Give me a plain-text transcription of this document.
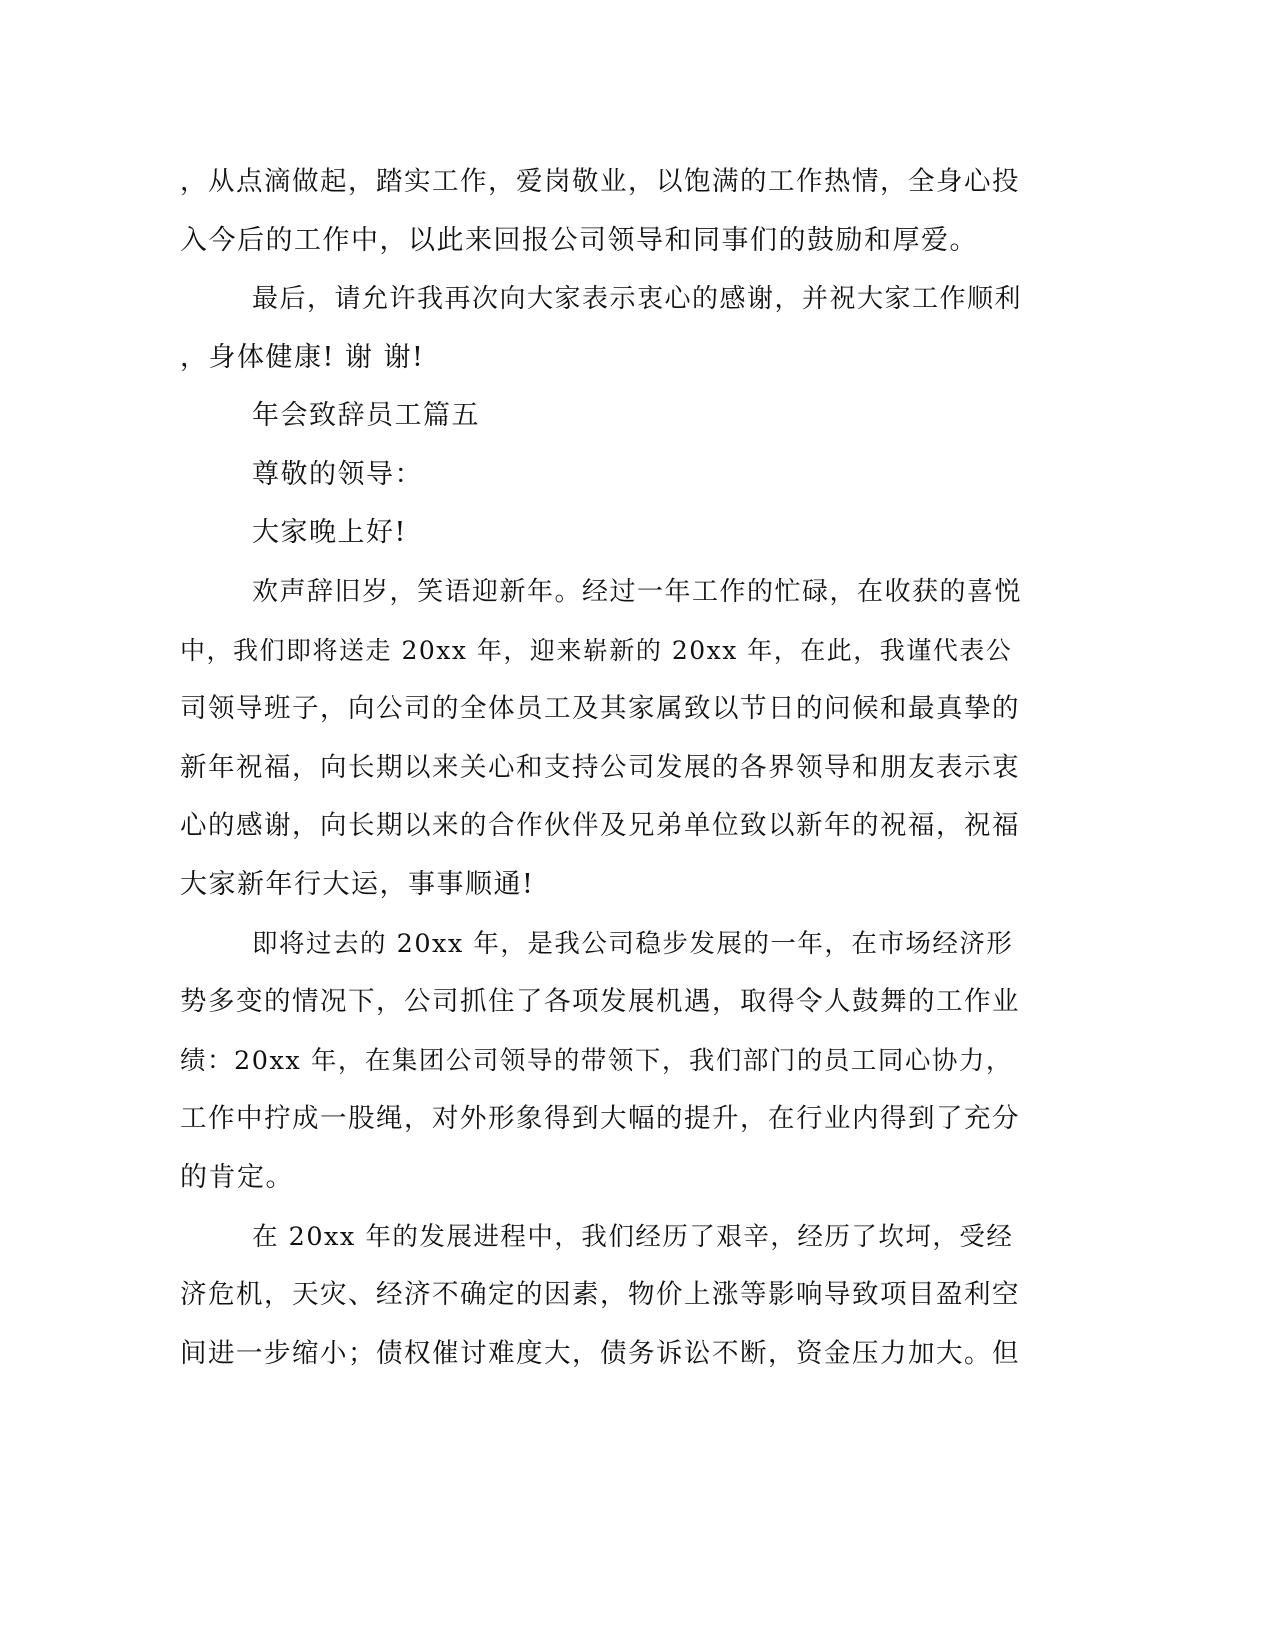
，从点滴做起，踏实工作，爱岗敬业，以饱满的工作热情，全身心投
入今后的工作中，以此来回报公司领导和同事们的鼓励和厚爱。
最后，请允许我再次向大家表示衷心的感谢，并祝大家工作顺利
，身体健康! 谢 谢!
年会致辞员工篇五
尊敬的领导：
大家晚上好!
欢声辞旧岁，笑语迎新年。经过一年工作的忙碌，在收获的喜悦
中，我们即将送走 20xx 年，迎来崭新的 20xx 年，在此，我谨代表公
司领导班子，向公司的全体员工及其家属致以节日的问候和最真挚的
新年祝福，向长期以来关心和支持公司发展的各界领导和朋友表示衷
心的感谢，向长期以来的合作伙伴及兄弟单位致以新年的祝福，祝福
大家新年行大运，事事顺通!
即将过去的 20xx 年，是我公司稳步发展的一年，在市场经济形
势多变的情况下，公司抓住了各项发展机遇，取得令人鼓舞的工作业
绩：20xx 年，在集团公司领导的带领下，我们部门的员工同心协力，
工作中拧成一股绳，对外形象得到大幅的提升，在行业内得到了充分
的肯定。
在 20xx 年的发展进程中，我们经历了艰辛，经历了坎坷，受经
济危机，天灾、经济不确定的因素，物价上涨等影响导致项目盈利空
间进一步缩小；债权催讨难度大，债务诉讼不断，资金压力加大。但
